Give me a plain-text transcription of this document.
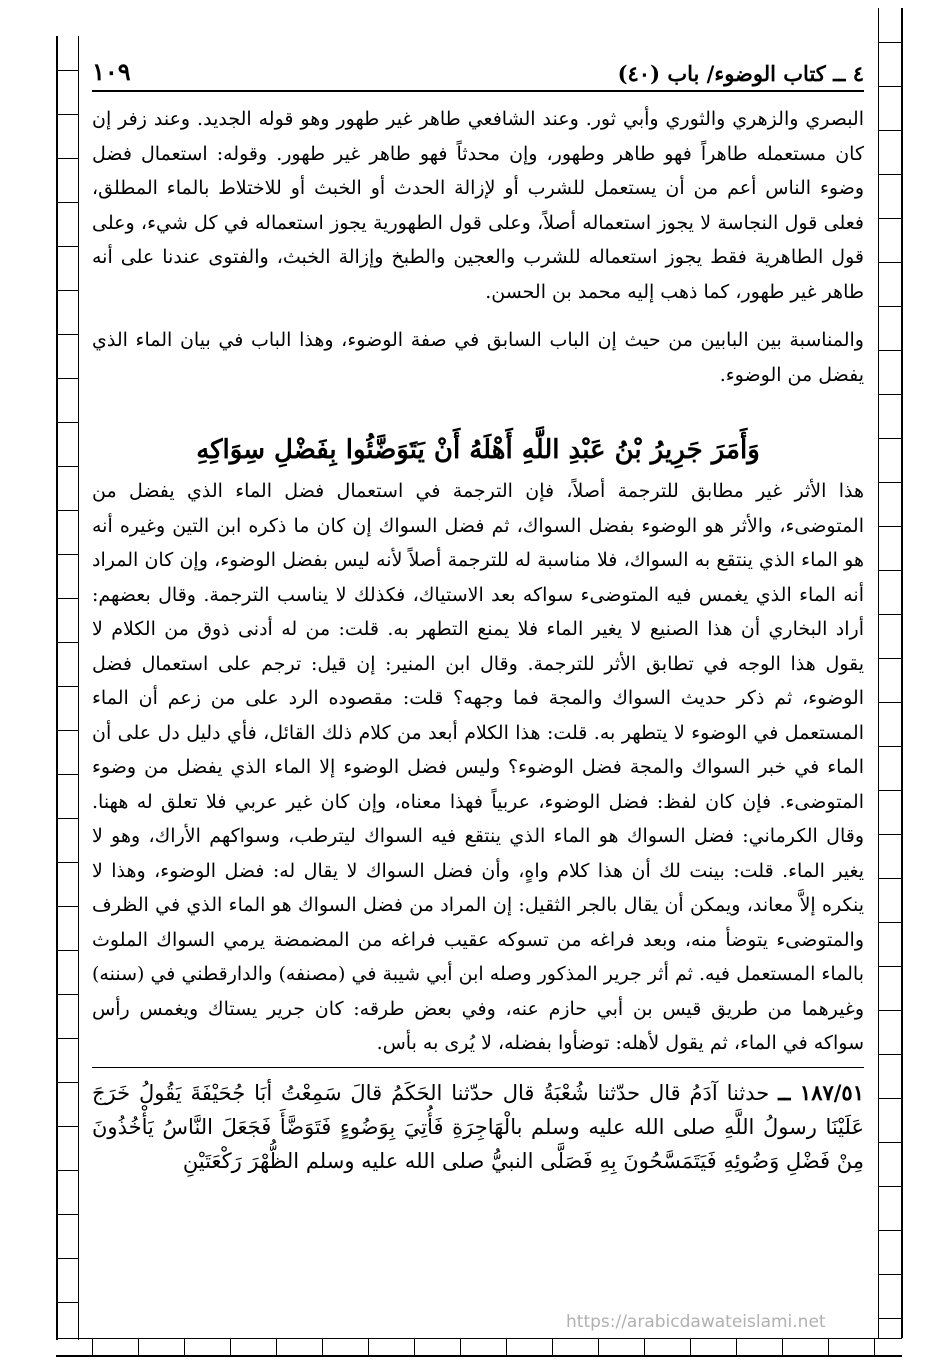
٤ ــ كتاب الوضوء/ باب (٤٠)
١٠٩

البصري والزهري والثوري وأبي ثور. وعند الشافعي طاهر غير طهور وهو قوله الجديد. وعند زفر إن كان مستعمله طاهراً فهو طاهر وطهور، وإن محدثاً فهو طاهر غير طهور. وقوله: استعمال فضل وضوء الناس أعم من أن يستعمل للشرب أو لإزالة الحدث أو الخبث أو للاختلاط بالماء المطلق، فعلى قول النجاسة لا يجوز استعماله أصلاً، وعلى قول الطهورية يجوز استعماله في كل شيء، وعلى قول الطاهرية فقط يجوز استعماله للشرب والعجين والطبخ وإزالة الخبث، والفتوى عندنا على أنه طاهر غير طهور، كما ذهب إليه محمد بن الحسن.

والمناسبة بين البابين من حيث إن الباب السابق في صفة الوضوء، وهذا الباب في بيان الماء الذي يفضل من الوضوء.

وَأَمَرَ جَرِيرُ بْنُ عَبْدِ اللَّهِ أَهْلَهُ أَنْ يَتَوَضَّئُوا بِفَضْلِ سِوَاكِهِ

هذا الأثر غير مطابق للترجمة أصلاً، فإن الترجمة في استعمال فضل الماء الذي يفضل من المتوضىء، والأثر هو الوضوء بفضل السواك، ثم فضل السواك إن كان ما ذكره ابن التين وغيره أنه هو الماء الذي ينتقع به السواك، فلا مناسبة له للترجمة أصلاً لأنه ليس بفضل الوضوء، وإن كان المراد أنه الماء الذي يغمس فيه المتوضىء سواكه بعد الاستياك، فكذلك لا يناسب الترجمة. وقال بعضهم: أراد البخاري أن هذا الصنيع لا يغير الماء فلا يمنع التطهر به. قلت: من له أدنى ذوق من الكلام لا يقول هذا الوجه في تطابق الأثر للترجمة. وقال ابن المنير: إن قيل: ترجم على استعمال فضل الوضوء، ثم ذكر حديث السواك والمجة فما وجهه؟ قلت: مقصوده الرد على من زعم أن الماء المستعمل في الوضوء لا يتطهر به. قلت: هذا الكلام أبعد من كلام ذلك القائل، فأي دليل دل على أن الماء في خبر السواك والمجة فضل الوضوء؟ وليس فضل الوضوء إلا الماء الذي يفضل من وضوء المتوضىء. فإن كان لفظ: فضل الوضوء، عربياً فهذا معناه، وإن كان غير عربي فلا تعلق له ههنا. وقال الكرماني: فضل السواك هو الماء الذي ينتقع فيه السواك ليترطب، وسواكهم الأراك، وهو لا يغير الماء. قلت: بينت لك أن هذا كلام واهٍ، وأن فضل السواك لا يقال له: فضل الوضوء، وهذا لا ينكره إلاَّ معاند، ويمكن أن يقال بالجر الثقيل: إن المراد من فضل السواك هو الماء الذي في الظرف والمتوضىء يتوضأ منه، وبعد فراغه من تسوكه عقيب فراغه من المضمضة يرمي السواك الملوث بالماء المستعمل فيه. ثم أثر جرير المذكور وصله ابن أبي شيبة في (مصنفه) والدارقطني في (سننه) وغيرهما من طريق قيس بن أبي حازم عنه، وفي بعض طرقه: كان جرير يستاك ويغمس رأس سواكه في الماء، ثم يقول لأهله: توضأوا بفضله، لا يُرى به بأس.

١٨٧/٥١ ــ حدثنا آدَمُ قال حدّثنا شُعْبَةُ قال حدّثنا الحَكَمُ قالَ سَمِعْتُ أبَا جُحَيْفَةَ يَقُولُ خَرَجَ عَلَيْنَا رسولُ اللَّهِ صلى الله عليه وسلم بالْهَاجِرَةِ فَأُتِيَ بِوَضُوءٍ فَتَوَضَّأَ فَجَعَلَ النَّاسُ يَأْخُذُونَ مِنْ فَضْلِ وَضُوئِهِ فَيَتَمَسَّحُونَ بِهِ فَصَلَّى النبيُّ صلى الله عليه وسلم الظُّهْرَ رَكْعَتَيْنِ
https://arabicdawateislami.net
